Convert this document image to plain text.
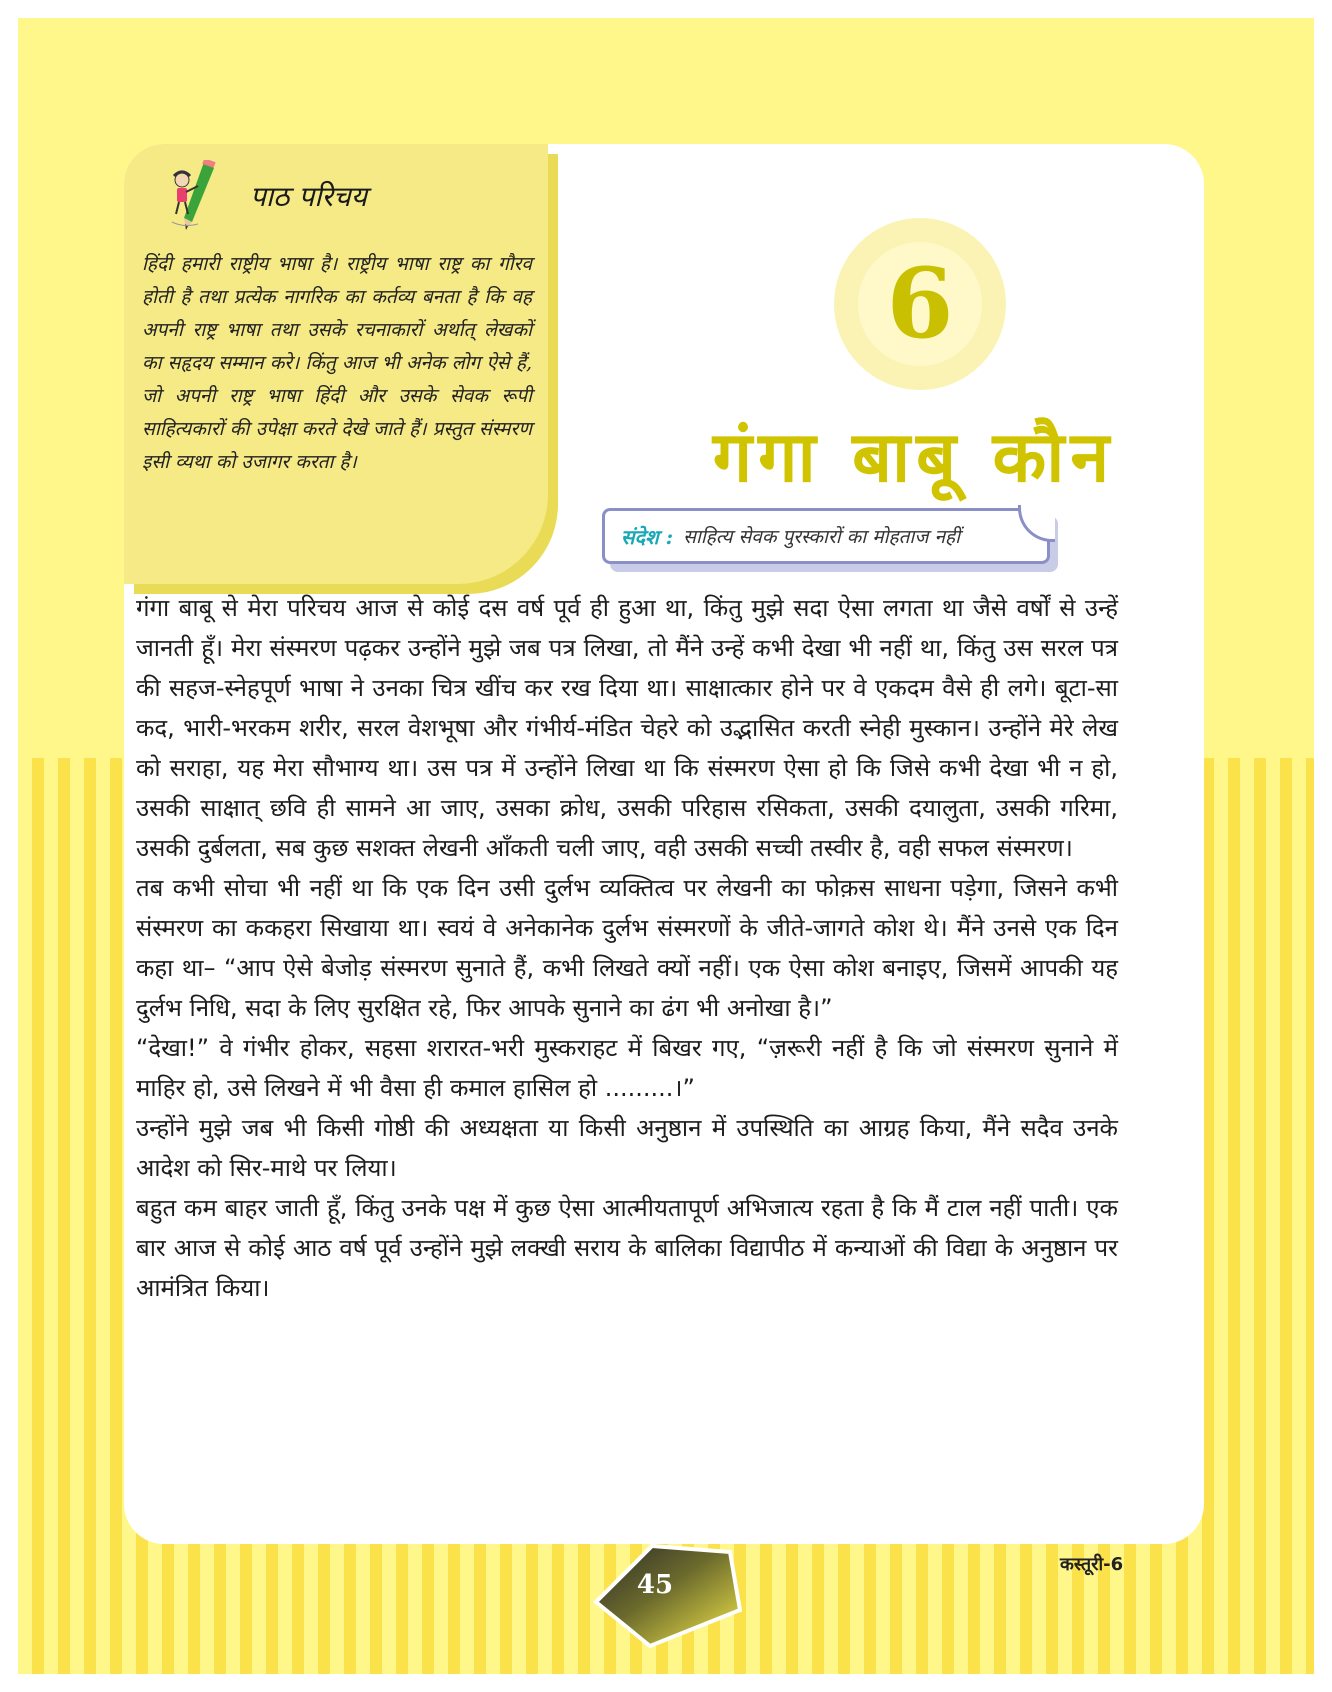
पाठ परिचय
हिंदी हमारी राष्ट्रीय भाषा है। राष्ट्रीय भाषा राष्ट्र का गौरव होती है तथा प्रत्येक नागरिक का कर्तव्य बनता है कि वह अपनी राष्ट्र भाषा तथा उसके रचनाकारों अर्थात् लेखकों का सहृदय सम्मान करे। किंतु आज भी अनेक लोग ऐसे हैं, जो अपनी राष्ट्र भाषा हिंदी और उसके सेवक रूपी साहित्यकारों की उपेक्षा करते देखे जाते हैं। प्रस्तुत संस्मरण इसी व्यथा को उजागर करता है।
6
गंगा बाबू कौन
संदेश : साहित्य सेवक पुरस्कारों का मोहताज नहीं

गंगा बाबू से मेरा परिचय आज से कोई दस वर्ष पूर्व ही हुआ था, किंतु मुझे सदा ऐसा लगता था जैसे वर्षों से उन्हें जानती हूँ। मेरा संस्मरण पढ़कर उन्होंने मुझे जब पत्र लिखा, तो मैंने उन्हें कभी देखा भी नहीं था, किंतु उस सरल पत्र की सहज-स्नेहपूर्ण भाषा ने उनका चित्र खींच कर रख दिया था। साक्षात्कार होने पर वे एकदम वैसे ही लगे। बूटा-सा कद, भारी-भरकम शरीर, सरल वेशभूषा और गंभीर्य-मंडित चेहरे को उद्भासित करती स्नेही मुस्कान। उन्होंने मेरे लेख को सराहा, यह मेरा सौभाग्य था। उस पत्र में उन्होंने लिखा था कि संस्मरण ऐसा हो कि जिसे कभी देखा भी न हो, उसकी साक्षात् छवि ही सामने आ जाए, उसका क्रोध, उसकी परिहास रसिकता, उसकी दयालुता, उसकी गरिमा, उसकी दुर्बलता, सब कुछ सशक्त लेखनी आँकती चली जाए, वही उसकी सच्ची तस्वीर है, वही सफल संस्मरण।

तब कभी सोचा भी नहीं था कि एक दिन उसी दुर्लभ व्यक्तित्व पर लेखनी का फोक़स साधना पड़ेगा, जिसने कभी संस्मरण का ककहरा सिखाया था। स्वयं वे अनेकानेक दुर्लभ संस्मरणों के जीते-जागते कोश थे। मैंने उनसे एक दिन कहा था– “आप ऐसे बेजोड़ संस्मरण सुनाते हैं, कभी लिखते क्यों नहीं। एक ऐसा कोश बनाइए, जिसमें आपकी यह दुर्लभ निधि, सदा के लिए सुरक्षित रहे, फिर आपके सुनाने का ढंग भी अनोखा है।”

“देखा!” वे गंभीर होकर, सहसा शरारत-भरी मुस्कराहट में बिखर गए, “ज़रूरी नहीं है कि जो संस्मरण सुनाने में माहिर हो, उसे लिखने में भी वैसा ही कमाल हासिल हो .........।”

उन्होंने मुझे जब भी किसी गोष्ठी की अध्यक्षता या किसी अनुष्ठान में उपस्थिति का आग्रह किया, मैंने सदैव उनके आदेश को सिर-माथे पर लिया।

बहुत कम बाहर जाती हूँ, किंतु उनके पक्ष में कुछ ऐसा आत्मीयतापूर्ण अभिजात्य रहता है कि मैं टाल नहीं पाती। एक बार आज से कोई आठ वर्ष पूर्व उन्होंने मुझे लक्खी सराय के बालिका विद्यापीठ में कन्याओं की विद्या के अनुष्ठान पर आमंत्रित किया।

45
कस्तूरी-6
